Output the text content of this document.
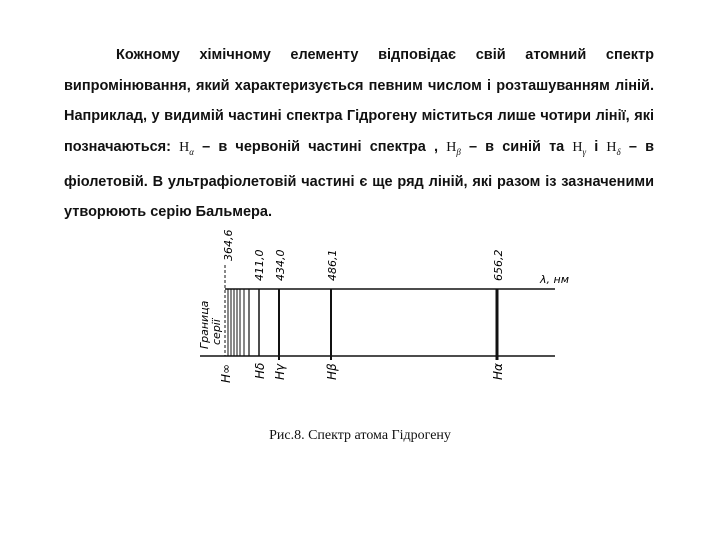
Кожному хімічному елементу відповідає свій атомний спектр випромінювання, який характеризується певним числом і розташуванням ліній. Наприклад, у видимій частині спектра Гідрогену міститься лише чотири лінії, які позначаються: $H_\alpha$ – в червоній частині спектра , $H_\beta$ – в синій та $H_\gamma$ і $H_\delta$ – в фіолетовій. В ультрафіолетовій частині є ще ряд ліній, які разом із зазначеними утворюють серію Бальмера.

364,6
411,0 434,0	486,1	656,2	λ, нм
Граница серії
H∞ Hδ Hγ	Hβ	Hα
Рис.8. Спектр атома Гідрогену
